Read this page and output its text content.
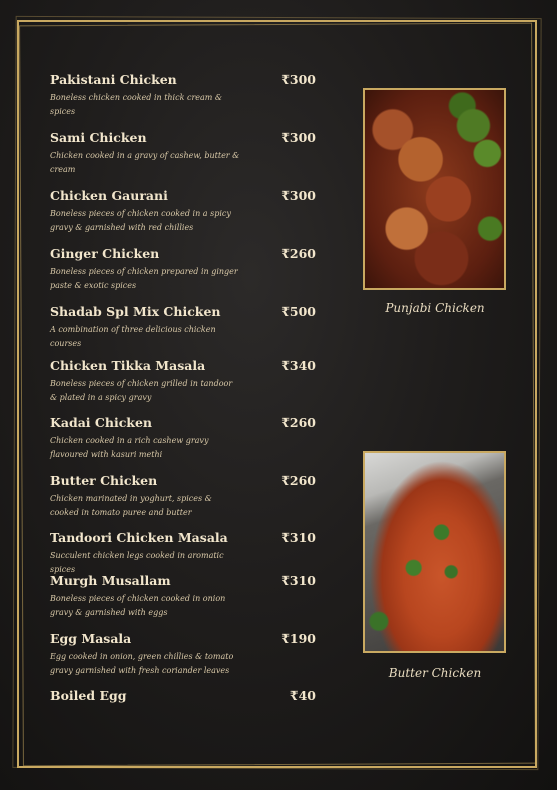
Pakistani Chicken	₹300
Boneless chicken cooked in thick cream & spices
Sami Chicken	₹300
Chicken cooked in a gravy of cashew, butter & cream
Chicken Gaurani	₹300
Boneless pieces of chicken cooked in a spicy gravy & garnished with red chillies
Ginger Chicken	₹260
Boneless pieces of chicken prepared in ginger paste & exotic spices
Shadab Spl Mix Chicken	₹500
A combination of three delicious chicken courses
Chicken Tikka Masala	₹340
Boneless pieces of chicken grilled in tandoor & plated in a spicy gravy
Kadai Chicken	₹260
Chicken cooked in a rich cashew gravy flavoured with kasuri methi
Butter Chicken	₹260
Chicken marinated in yoghurt, spices & cooked in tomato puree and butter
Tandoori Chicken Masala	₹310
Succulent chicken legs cooked in aromatic spices
Murgh Musallam	₹310
Boneless pieces of chicken cooked in onion gravy & garnished with eggs
Egg Masala	₹190
Egg cooked in onion, green chillies & tomato gravy garnished with fresh coriander leaves
Boiled Egg	₹40
Punjabi Chicken
Butter Chicken
